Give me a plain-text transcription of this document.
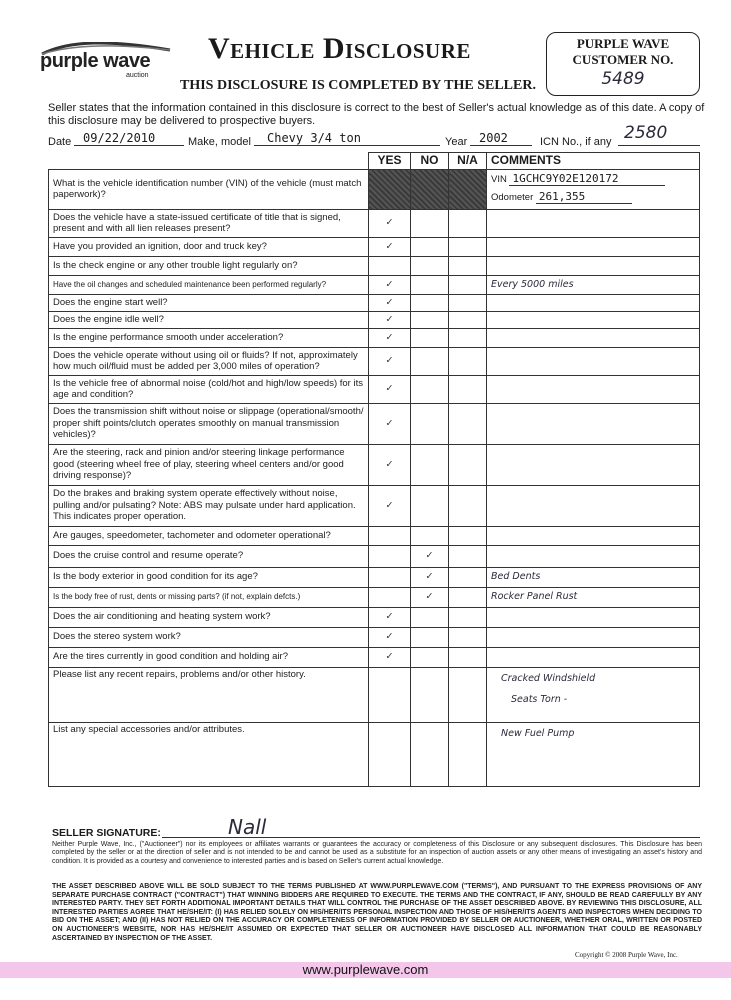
purple wave
auction
Vehicle Disclosure
THIS DISCLOSURE IS COMPLETED BY THE SELLER.
PURPLE WAVE
CUSTOMER NO.
5489
Seller states that the information contained in this disclosure is correct to the best of Seller's actual knowledge as of this date. A copy of this disclosure may be delivered to prospective buyers.
Date 09/22/2010	Make, model	Chevy 3/4 ton	Year 2002	ICN No., if any 2580
	YES	NO	N/A	COMMENTS
What is the vehicle identification number (VIN) of the vehicle (must match paperwork)?				VIN 1GCHC9Y02E120172
Odometer 261,355

Does the vehicle have a state-issued certificate of title that is signed, present and with all lien releases present?	✓			
Have you provided an ignition, door and truck key?	✓			
Is the check engine or any other trouble light regularly on?				
Have the oil changes and scheduled maintenance been performed regularly?	✓			Every 5000 miles
Does the engine start well?	✓			
Does the engine idle well?	✓			
Is the engine performance smooth under acceleration?	✓			
Does the vehicle operate without using oil or fluids? If not, approximately how much oil/fluid must be added per 3,000 miles of operation?	✓			
Is the vehicle free of abnormal noise (cold/hot and high/low speeds) for its age and condition?	✓			
Does the transmission shift without noise or slippage (operational/smooth/ proper shift points/clutch operates smoothly on manual transmission vehicles)?	✓			
Are the steering, rack and pinion and/or steering linkage performance good (steering wheel free of play, steering wheel centers and/or good driving response)?	✓			
Do the brakes and braking system operate effectively without noise, pulling and/or pulsating? Note: ABS may pulsate under hard application. This indicates proper operation.	✓			
Are gauges, speedometer, tachometer and odometer operational?				
Does the cruise control and resume operate?		✓		
Is the body exterior in good condition for its age?		✓		Bed Dents
Is the body free of rust, dents or missing parts? (if not, explain defcts.)		✓		Rocker Panel Rust
Does the air conditioning and heating system work?	✓			
Does the stereo system work?	✓			
Are the tires currently in good condition and holding air?	✓			
Please list any recent repairs, problems and/or other history.				Cracked Windshield
Seats Torn -

List any special accessories and/or attributes.				New Fuel Pump
SELLER SIGNATURE:	Nall
Neither Purple Wave, Inc., ("Auctioneer") nor its employees or affiliates warrants or guarantees the accuracy or completeness of this Disclosure or any subsequent disclosures. This Disclosure has been completed by the seller or at the direction of seller and is not intended to be and cannot be used as a substitute for an inspection of auction assets or any other means of investigating an asset's history and condition. It is provided as a courtesy and convenience to interested parties and is based on Seller's current actual knowledge.
THE ASSET DESCRIBED ABOVE WILL BE SOLD SUBJECT TO THE TERMS PUBLISHED AT WWW.PURPLEWAVE.COM ("TERMS"), AND PURSUANT TO THE EXPRESS PROVISIONS OF ANY SEPARATE PURCHASE CONTRACT ("CONTRACT") THAT WINNING BIDDERS ARE REQUIRED TO EXECUTE. THE TERMS AND THE CONTRACT, IF ANY, SHOULD BE READ CAREFULLY BY ANY INTERESTED PARTY. THEY SET FORTH ADDITIONAL IMPORTANT DETAILS THAT WILL CONTROL THE PURCHASE OF THE ASSET DESCRIBED ABOVE. BY REVIEWING THIS DISCLOSURE, ALL INTERESTED PARTIES AGREE THAT HE/SHE/IT: (I) HAS RELIED SOLELY ON HIS/HER/ITS PERSONAL INSPECTION AND THOSE OF HIS/HER/ITS AGENTS AND INSPECTORS WHEN DECIDING TO BID ON THE ASSET; AND (II) HAS NOT RELIED ON THE ACCURACY OR COMPLETENESS OF INFORMATION PROVIDED BY SELLER OR AUCTIONEER, WHETHER ORAL, WRITTEN OR POSTED ON AUCTIONEER'S WEBSITE, NOR HAS HE/SHE/IT ASSUMED OR EXPECTED THAT SELLER OR AUCTIONEER HAVE DISCLOSED ALL INFORMATION THAT COULD BE REASONABLY ASCERTAINED BY INSPECTION OF THE ASSET.
Copyright © 2008 Purple Wave, Inc.
www.purplewave.com
